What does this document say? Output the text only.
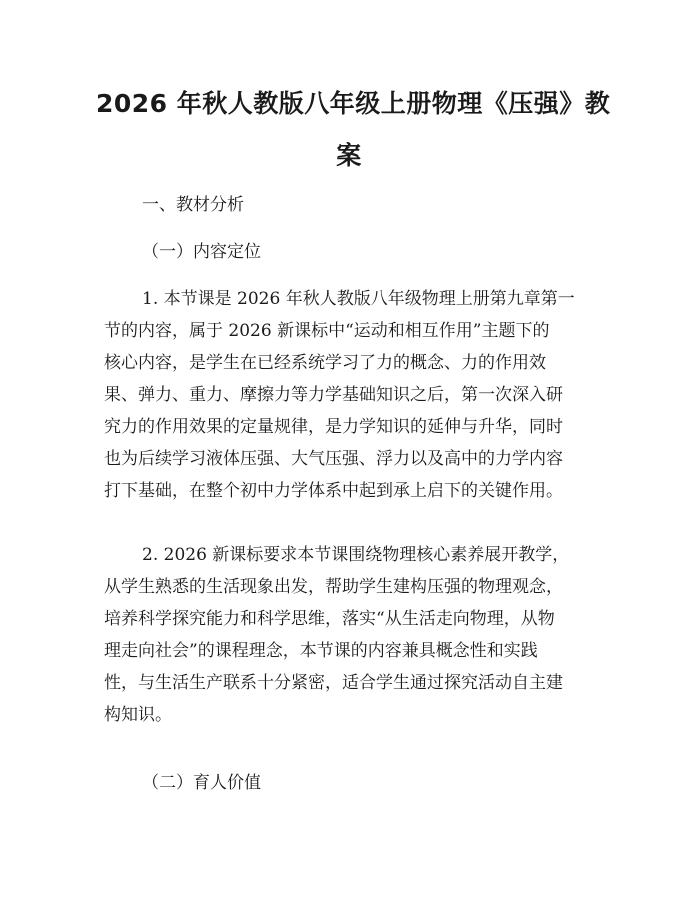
2026 年秋人教版八年级上册物理《压强》教
案

一、教材分析

（一）内容定位

1. 本节课是 2026 年秋人教版八年级物理上册第九章第一
节的内容，属于 2026 新课标中“运动和相互作用”主题下的
核心内容，是学生在已经系统学习了力的概念、力的作用效
果、弹力、重力、摩擦力等力学基础知识之后，第一次深入研
究力的作用效果的定量规律，是力学知识的延伸与升华，同时
也为后续学习液体压强、大气压强、浮力以及高中的力学内容
打下基础，在整个初中力学体系中起到承上启下的关键作用。
2. 2026 新课标要求本节课围绕物理核心素养展开教学，
从学生熟悉的生活现象出发，帮助学生建构压强的物理观念，
培养科学探究能力和科学思维，落实“从生活走向物理，从物
理走向社会”的课程理念，本节课的内容兼具概念性和实践
性，与生活生产联系十分紧密，适合学生通过探究活动自主建
构知识。

（二）育人价值
